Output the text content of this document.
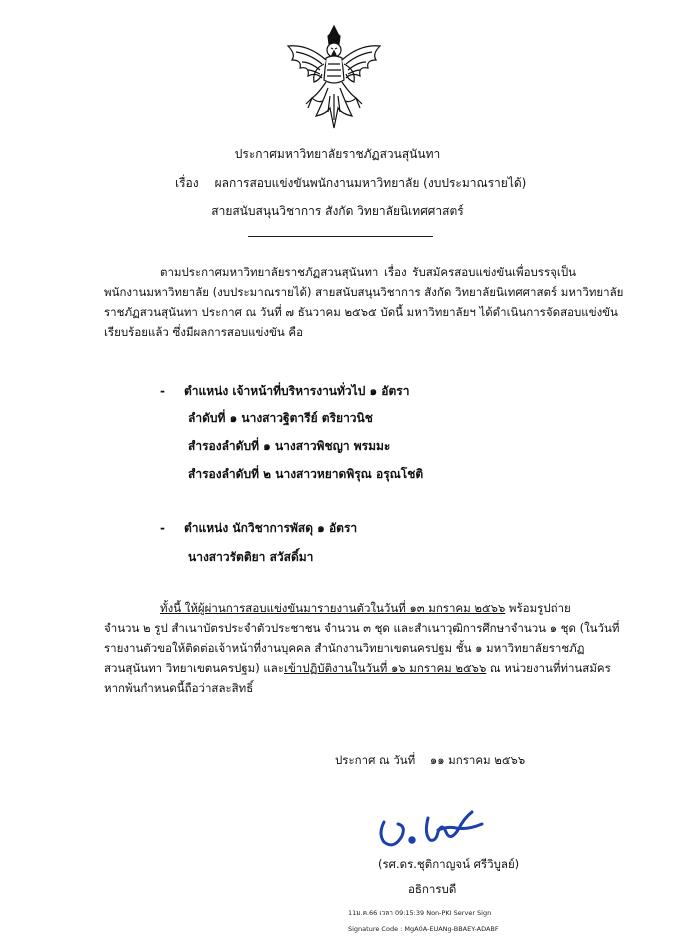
ประกาศมหาวิทยาลัยราชภัฏสวนสุนันทา
เรื่อง ผลการสอบแข่งขันพนักงานมหาวิทยาลัย (งบประมาณรายได้)
สายสนับสนุนวิชาการ สังกัด วิทยาลัยนิเทศศาสตร์
ตามประกาศมหาวิทยาลัยราชภัฏสวนสุนันทา เรื่อง รับสมัครสอบแข่งขันเพื่อบรรจุเป็น
พนักงานมหาวิทยาลัย (งบประมาณรายได้) สายสนับสนุนวิชาการ สังกัด วิทยาลัยนิเทศศาสตร์ มหาวิทยาลัย
ราชภัฏสวนสุนันทา ประกาศ ณ วันที่ ๗ ธันวาคม ๒๕๖๕ บัดนี้ มหาวิทยาลัยฯ ได้ดำเนินการจัดสอบแข่งขัน
เรียบร้อยแล้ว ซึ่งมีผลการสอบแข่งขัน คือ
- ตำแหน่ง เจ้าหน้าที่บริหารงานทั่วไป ๑ อัตรา
ลำดับที่ ๑ นางสาวฐิตารีย์ ตริยาวนิช
สำรองลำดับที่ ๑ นางสาวพิชญา พรมมะ
สำรองลำดับที่ ๒ นางสาวหยาดพิรุณ อรุณโชติ
- ตำแหน่ง นักวิชาการพัสดุ ๑ อัตรา
นางสาวรัตติยา สวัสดิ์มา
ทั้งนี้ ให้ผู้ผ่านการสอบแข่งขันมารายงานตัวในวันที่ ๑๓ มกราคม ๒๕๖๖ พร้อมรูปถ่าย
จำนวน ๒ รูป สำเนาบัตรประจำตัวประชาชน จำนวน ๓ ชุด และสำเนาวุฒิการศึกษาจำนวน ๑ ชุด (ในวันที่
รายงานตัวขอให้ติดต่อเจ้าหน้าที่งานบุคคล สำนักงานวิทยาเขตนครปฐม ชั้น ๑ มหาวิทยาลัยราชภัฏ
สวนสุนันทา วิทยาเขตนครปฐม) และเข้าปฏิบัติงานในวันที่ ๑๖ มกราคม ๒๕๖๖ ณ หน่วยงานที่ท่านสมัคร
หากพ้นกำหนดนี้ถือว่าสละสิทธิ์
ประกาศ ณ วันที่ ๑๑ มกราคม ๒๕๖๖
(รศ.ดร.ชุติกาญจน์ ศรีวิบูลย์)
อธิการบดี
11ม.ค.66 เวลา 09:15:39 Non-PKI Server Sign
Signature Code : MgA0A-EUANg-BBAEY-ADABF
